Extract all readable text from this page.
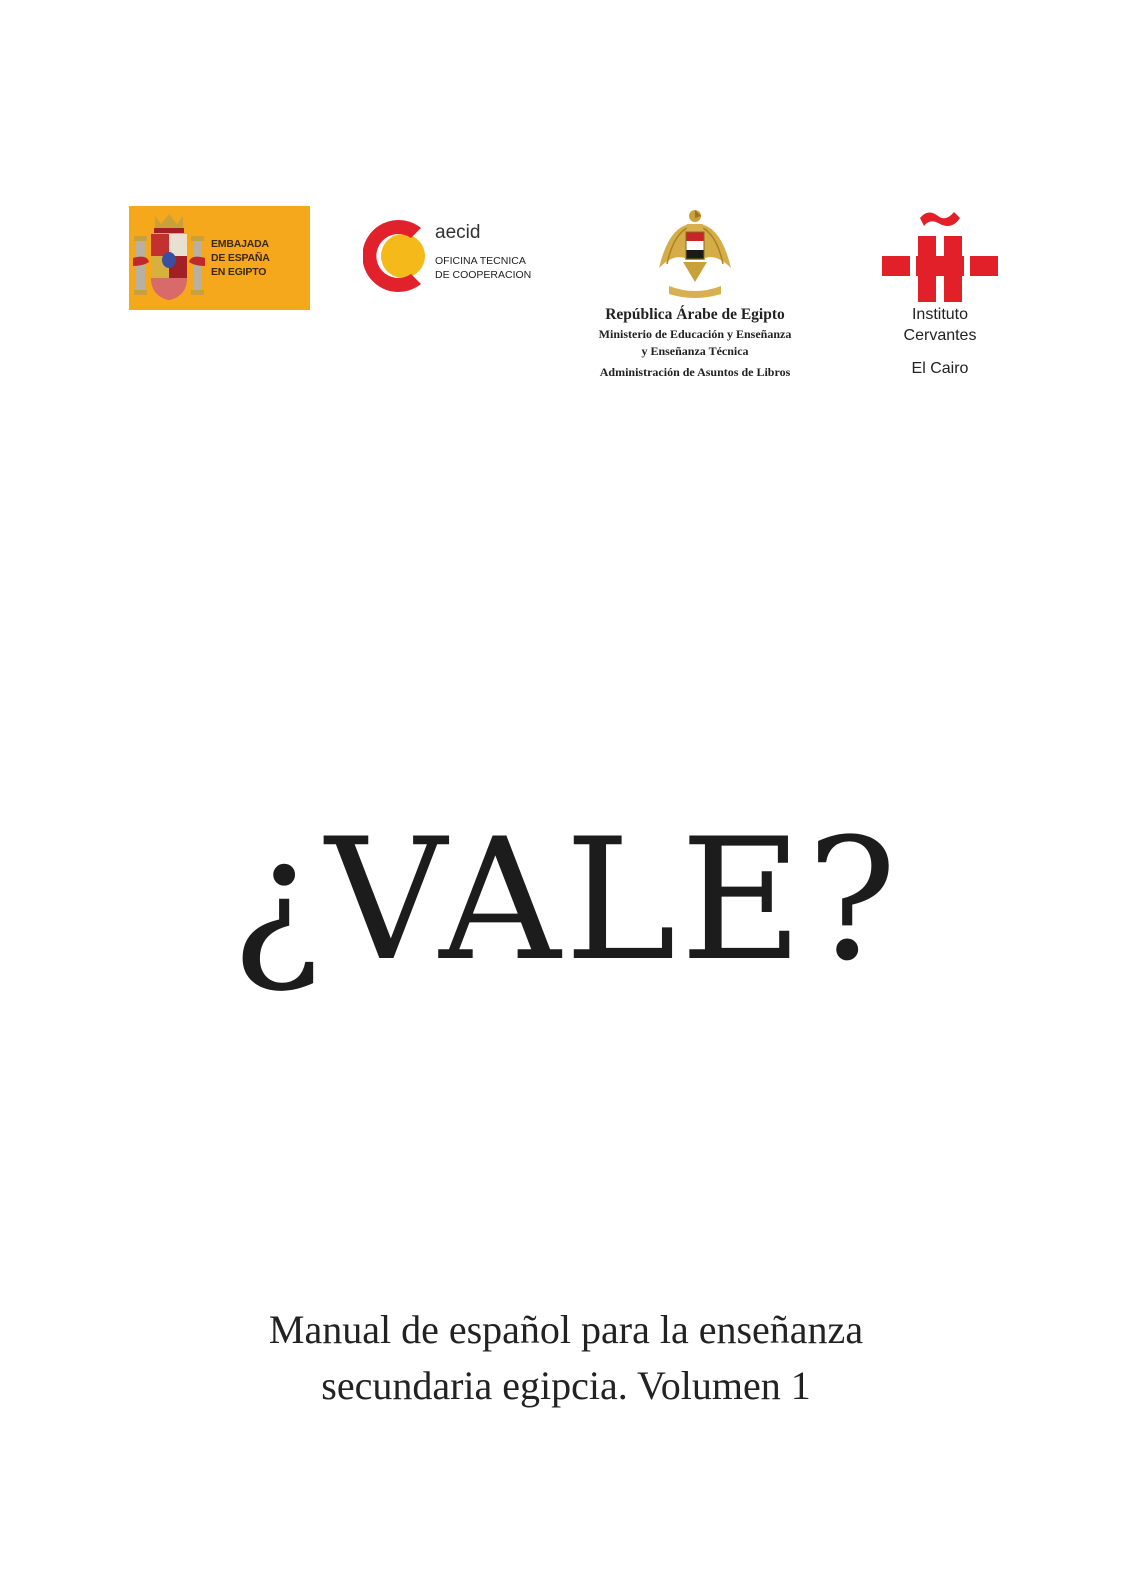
EMBAJADA
DE ESPAÑA
EN EGIPTO
aecid
OFICINA TECNICA
DE COOPERACION
República Árabe de Egipto
Ministerio de Educación y Enseñanza
y Enseñanza Técnica
Administración de Asuntos de Libros
Instituto
Cervantes
El Cairo
¿VALE?
Manual de español para la enseñanza
secundaria egipcia. Volumen 1
